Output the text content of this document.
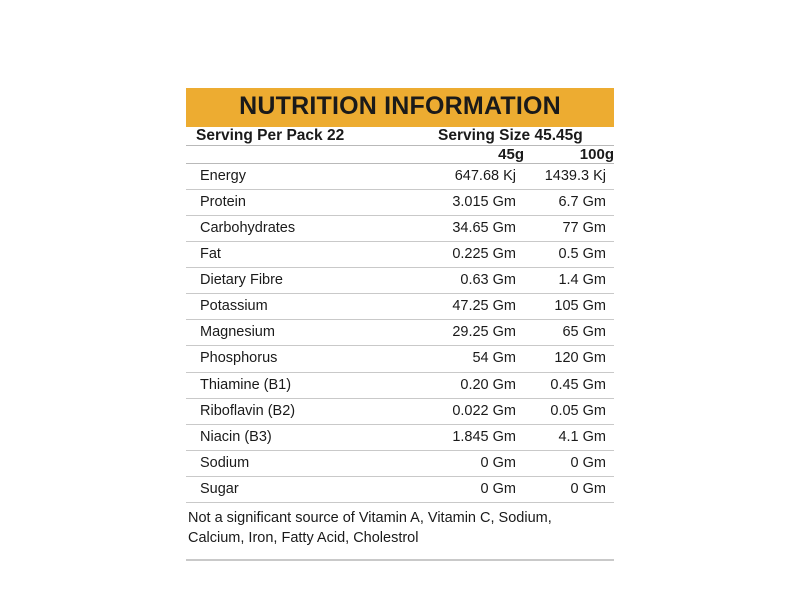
NUTRITION INFORMATION
Serving Per Pack 22	Serving Size 45.45g	
	45g	100g
Energy	647.68 Kj	1439.3 Kj
Protein	3.015 Gm	6.7 Gm
Carbohydrates	34.65 Gm	77 Gm
Fat	0.225 Gm	0.5 Gm
Dietary Fibre	0.63 Gm	1.4 Gm
Potassium	47.25 Gm	105 Gm
Magnesium	29.25 Gm	65 Gm
Phosphorus	54 Gm	120 Gm
Thiamine (B1)	0.20 Gm	0.45 Gm
Riboflavin (B2)	0.022 Gm	0.05 Gm
Niacin (B3)	1.845 Gm	4.1 Gm
Sodium	0 Gm	0 Gm
Sugar	0 Gm	0 Gm
Not a significant source of Vitamin A, Vitamin C, Sodium, Calcium, Iron, Fatty Acid, Cholestrol
